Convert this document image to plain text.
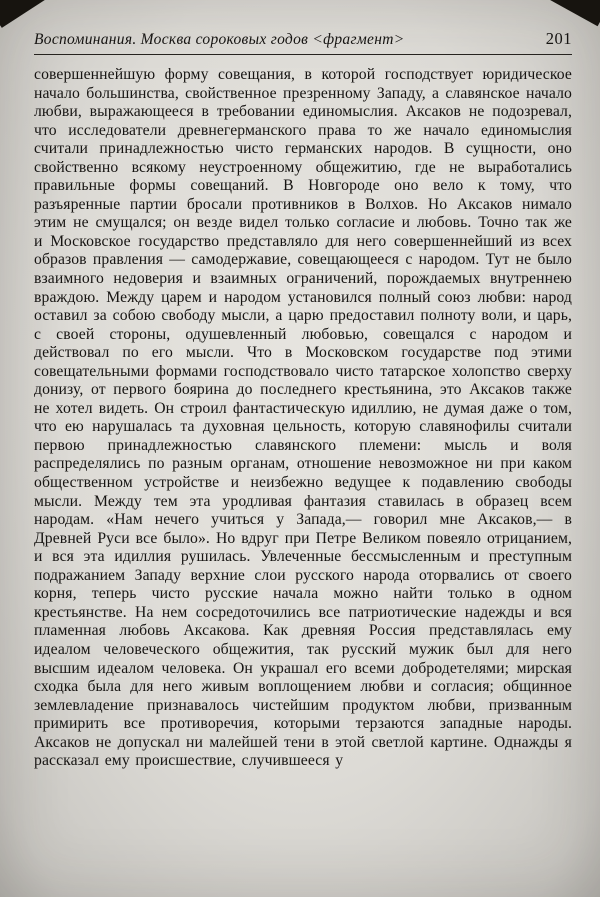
Воспоминания. Москва сороковых годов <фрагмент>	201

совершеннейшую форму совещания, в которой господствует юридическое начало большинства, свойственное презренному Западу, а славянское начало любви, выражающееся в требовании единомыслия. Аксаков не подозревал, что исследователи древнегерманского права то же начало единомыслия считали принадлежностью чисто германских народов. В сущности, оно свойственно всякому неустроенному общежитию, где не выработались правильные формы совещаний. В Новгороде оно вело к тому, что разъяренные партии бросали противников в Волхов. Но Аксаков нимало этим не смущался; он везде видел только согласие и любовь. Точно так же и Московское государство представляло для него совершеннейший из всех образов правления — самодержавие, совещающееся с народом. Тут не было взаимного недоверия и взаимных ограничений, порождаемых внутреннею враждою. Между царем и народом установился полный союз любви: народ оставил за собою свободу мысли, а царю предоставил полноту воли, и царь, с своей стороны, одушевленный любовью, совещался с народом и действовал по его мысли. Что в Московском государстве под этими совещательными формами господствовало чисто татарское холопство сверху донизу, от первого боярина до последнего крестьянина, это Аксаков также не хотел видеть. Он строил фантастическую идиллию, не думая даже о том, что ею нарушалась та духовная цельность, которую славянофилы считали первою принадлежностью славянского племени: мысль и воля распределялись по разным органам, отношение невозможное ни при каком общественном устройстве и неизбежно ведущее к подавлению свободы мысли. Между тем эта уродливая фантазия ставилась в образец всем народам. «Нам нечего учиться у Запада,— говорил мне Аксаков,— в Древней Руси все было». Но вдруг при Петре Великом повеяло отрицанием, и вся эта идиллия рушилась. Увлеченные бессмысленным и преступным подражанием Западу верхние слои русского народа оторвались от своего корня, теперь чисто русские начала можно найти только в одном крестьянстве. На нем сосредоточились все патриотические надежды и вся пламенная любовь Аксакова. Как древняя Россия представлялась ему идеалом человеческого общежития, так русский мужик был для него высшим идеалом человека. Он украшал его всеми добродетелями; мирская сходка была для него живым воплощением любви и согласия; общинное землевладение признавалось чистейшим продуктом любви, призванным примирить все противоречия, которыми терзаются западные народы. Аксаков не допускал ни малейшей тени в этой светлой картине. Однажды я рассказал ему происшествие, случившееся у
